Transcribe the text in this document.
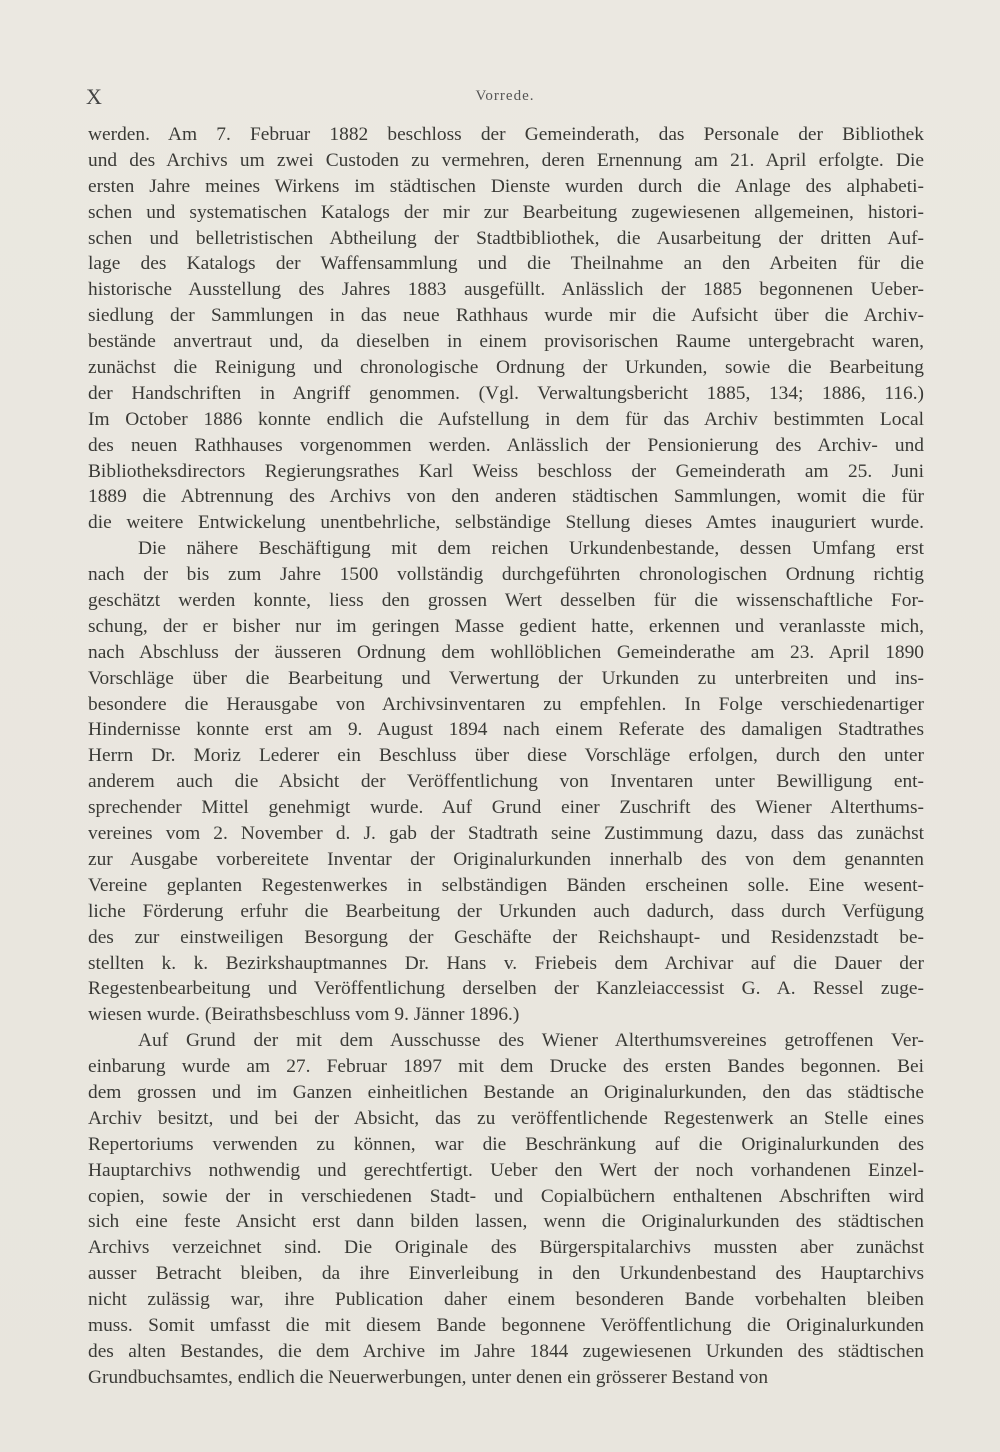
X	Vorrede.
werden. Am 7. Februar 1882 beschloss der Gemeinderath, das Personale der Bibliothek
und des Archivs um zwei Custoden zu vermehren, deren Ernennung am 21. April erfolgte. Die
ersten Jahre meines Wirkens im städtischen Dienste wurden durch die Anlage des alphabeti-
schen und systematischen Katalogs der mir zur Bearbeitung zugewiesenen allgemeinen, histori-
schen und belletristischen Abtheilung der Stadtbibliothek, die Ausarbeitung der dritten Auf-
lage des Katalogs der Waffensammlung und die Theilnahme an den Arbeiten für die
historische Ausstellung des Jahres 1883 ausgefüllt. Anlässlich der 1885 begonnenen Ueber-
siedlung der Sammlungen in das neue Rathhaus wurde mir die Aufsicht über die Archiv-
bestände anvertraut und, da dieselben in einem provisorischen Raume untergebracht waren,
zunächst die Reinigung und chronologische Ordnung der Urkunden, sowie die Bearbeitung
der Handschriften in Angriff genommen. (Vgl. Verwaltungsbericht 1885, 134; 1886, 116.)
Im October 1886 konnte endlich die Aufstellung in dem für das Archiv bestimmten Local
des neuen Rathhauses vorgenommen werden. Anlässlich der Pensionierung des Archiv- und
Bibliotheksdirectors Regierungsrathes Karl Weiss beschloss der Gemeinderath am 25. Juni
1889 die Abtrennung des Archivs von den anderen städtischen Sammlungen, womit die für
die weitere Entwickelung unentbehrliche, selbständige Stellung dieses Amtes inauguriert wurde.
Die nähere Beschäftigung mit dem reichen Urkundenbestande, dessen Umfang erst
nach der bis zum Jahre 1500 vollständig durchgeführten chronologischen Ordnung richtig
geschätzt werden konnte, liess den grossen Wert desselben für die wissenschaftliche For-
schung, der er bisher nur im geringen Masse gedient hatte, erkennen und veranlasste mich,
nach Abschluss der äusseren Ordnung dem wohllöblichen Gemeinderathe am 23. April 1890
Vorschläge über die Bearbeitung und Verwertung der Urkunden zu unterbreiten und ins-
besondere die Herausgabe von Archivsinventaren zu empfehlen. In Folge verschiedenartiger
Hindernisse konnte erst am 9. August 1894 nach einem Referate des damaligen Stadtrathes
Herrn Dr. Moriz Lederer ein Beschluss über diese Vorschläge erfolgen, durch den unter
anderem auch die Absicht der Veröffentlichung von Inventaren unter Bewilligung ent-
sprechender Mittel genehmigt wurde. Auf Grund einer Zuschrift des Wiener Alterthums-
vereines vom 2. November d. J. gab der Stadtrath seine Zustimmung dazu, dass das zunächst
zur Ausgabe vorbereitete Inventar der Originalurkunden innerhalb des von dem genannten
Vereine geplanten Regestenwerkes in selbständigen Bänden erscheinen solle. Eine wesent-
liche Förderung erfuhr die Bearbeitung der Urkunden auch dadurch, dass durch Verfügung
des zur einstweiligen Besorgung der Geschäfte der Reichshaupt- und Residenzstadt be-
stellten k. k. Bezirkshauptmannes Dr. Hans v. Friebeis dem Archivar auf die Dauer der
Regestenbearbeitung und Veröffentlichung derselben der Kanzleiaccessist G. A. Ressel zuge-
wiesen wurde. (Beirathsbeschluss vom 9. Jänner 1896.)
Auf Grund der mit dem Ausschusse des Wiener Alterthumsvereines getroffenen Ver-
einbarung wurde am 27. Februar 1897 mit dem Drucke des ersten Bandes begonnen. Bei
dem grossen und im Ganzen einheitlichen Bestande an Originalurkunden, den das städtische
Archiv besitzt, und bei der Absicht, das zu veröffentlichende Regestenwerk an Stelle eines
Repertoriums verwenden zu können, war die Beschränkung auf die Originalurkunden des
Hauptarchivs nothwendig und gerechtfertigt. Ueber den Wert der noch vorhandenen Einzel-
copien, sowie der in verschiedenen Stadt- und Copialbüchern enthaltenen Abschriften wird
sich eine feste Ansicht erst dann bilden lassen, wenn die Originalurkunden des städtischen
Archivs verzeichnet sind. Die Originale des Bürgerspitalarchivs mussten aber zunächst
ausser Betracht bleiben, da ihre Einverleibung in den Urkundenbestand des Hauptarchivs
nicht zulässig war, ihre Publication daher einem besonderen Bande vorbehalten bleiben
muss. Somit umfasst die mit diesem Bande begonnene Veröffentlichung die Originalurkunden
des alten Bestandes, die dem Archive im Jahre 1844 zugewiesenen Urkunden des städtischen
Grundbuchsamtes, endlich die Neuerwerbungen, unter denen ein grösserer Bestand von
